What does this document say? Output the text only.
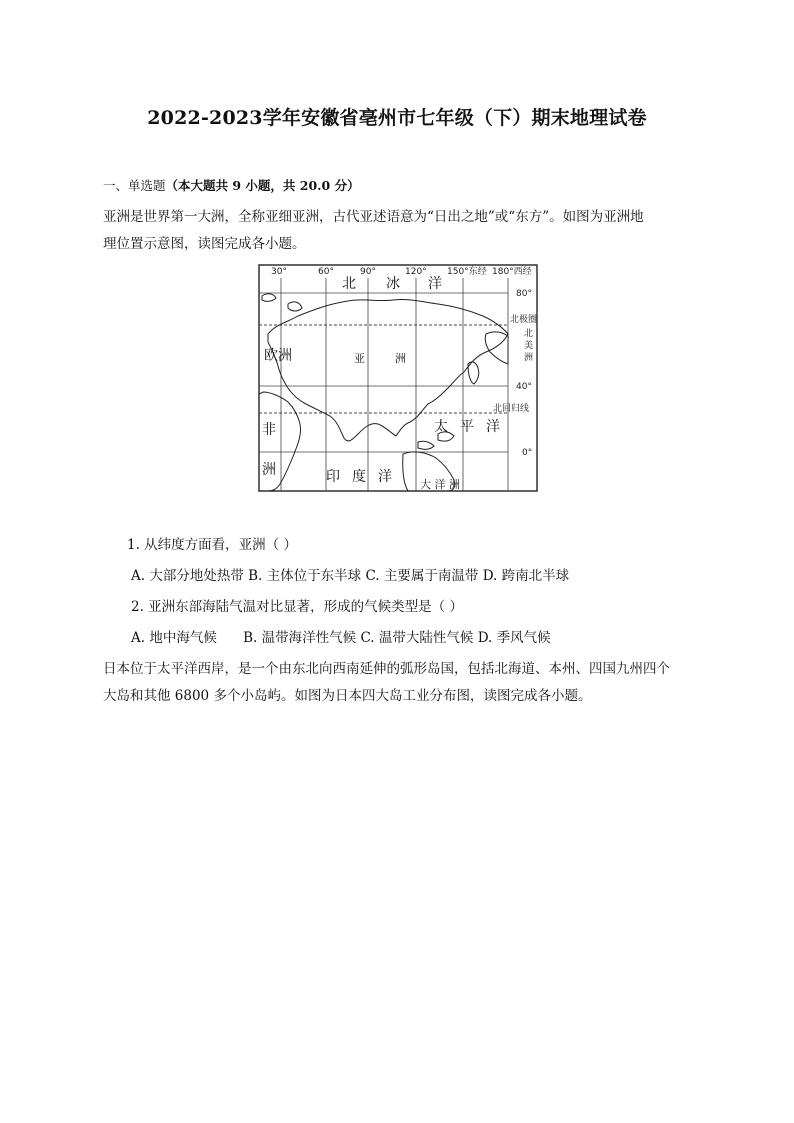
2022-2023学年安徽省亳州市七年级（下）期末地理试卷
一、单选题（本大题共 9 小题，共 20.0 分）
亚洲是世界第一大洲，全称亚细亚洲，古代亚述语意为“日出之地”或“东方”。如图为亚洲地
理位置示意图，读图完成各小题。
30°	60°	90°	120° 150°东经 180°西经
80°
北极圈
40°
北回归线
0°
北 冰 洋
欧洲	亚	洲
北
美
洲
非
洲
太 平 洋
印 度 洋	大 洋 洲
1. 从纬度方面看，亚洲（ ）
A. 大部分地处热带 B. 主体位于东半球 C. 主要属于南温带 D. 跨南北半球
2. 亚洲东部海陆气温对比显著，形成的气候类型是（ ）
A. 地中海气候 B. 温带海洋性气候 C. 温带大陆性气候 D. 季风气候
日本位于太平洋西岸，是一个由东北向西南延伸的弧形岛国，包括北海道、本州、四国九州四个
大岛和其他 6800 多个小岛屿。如图为日本四大岛工业分布图，读图完成各小题。
